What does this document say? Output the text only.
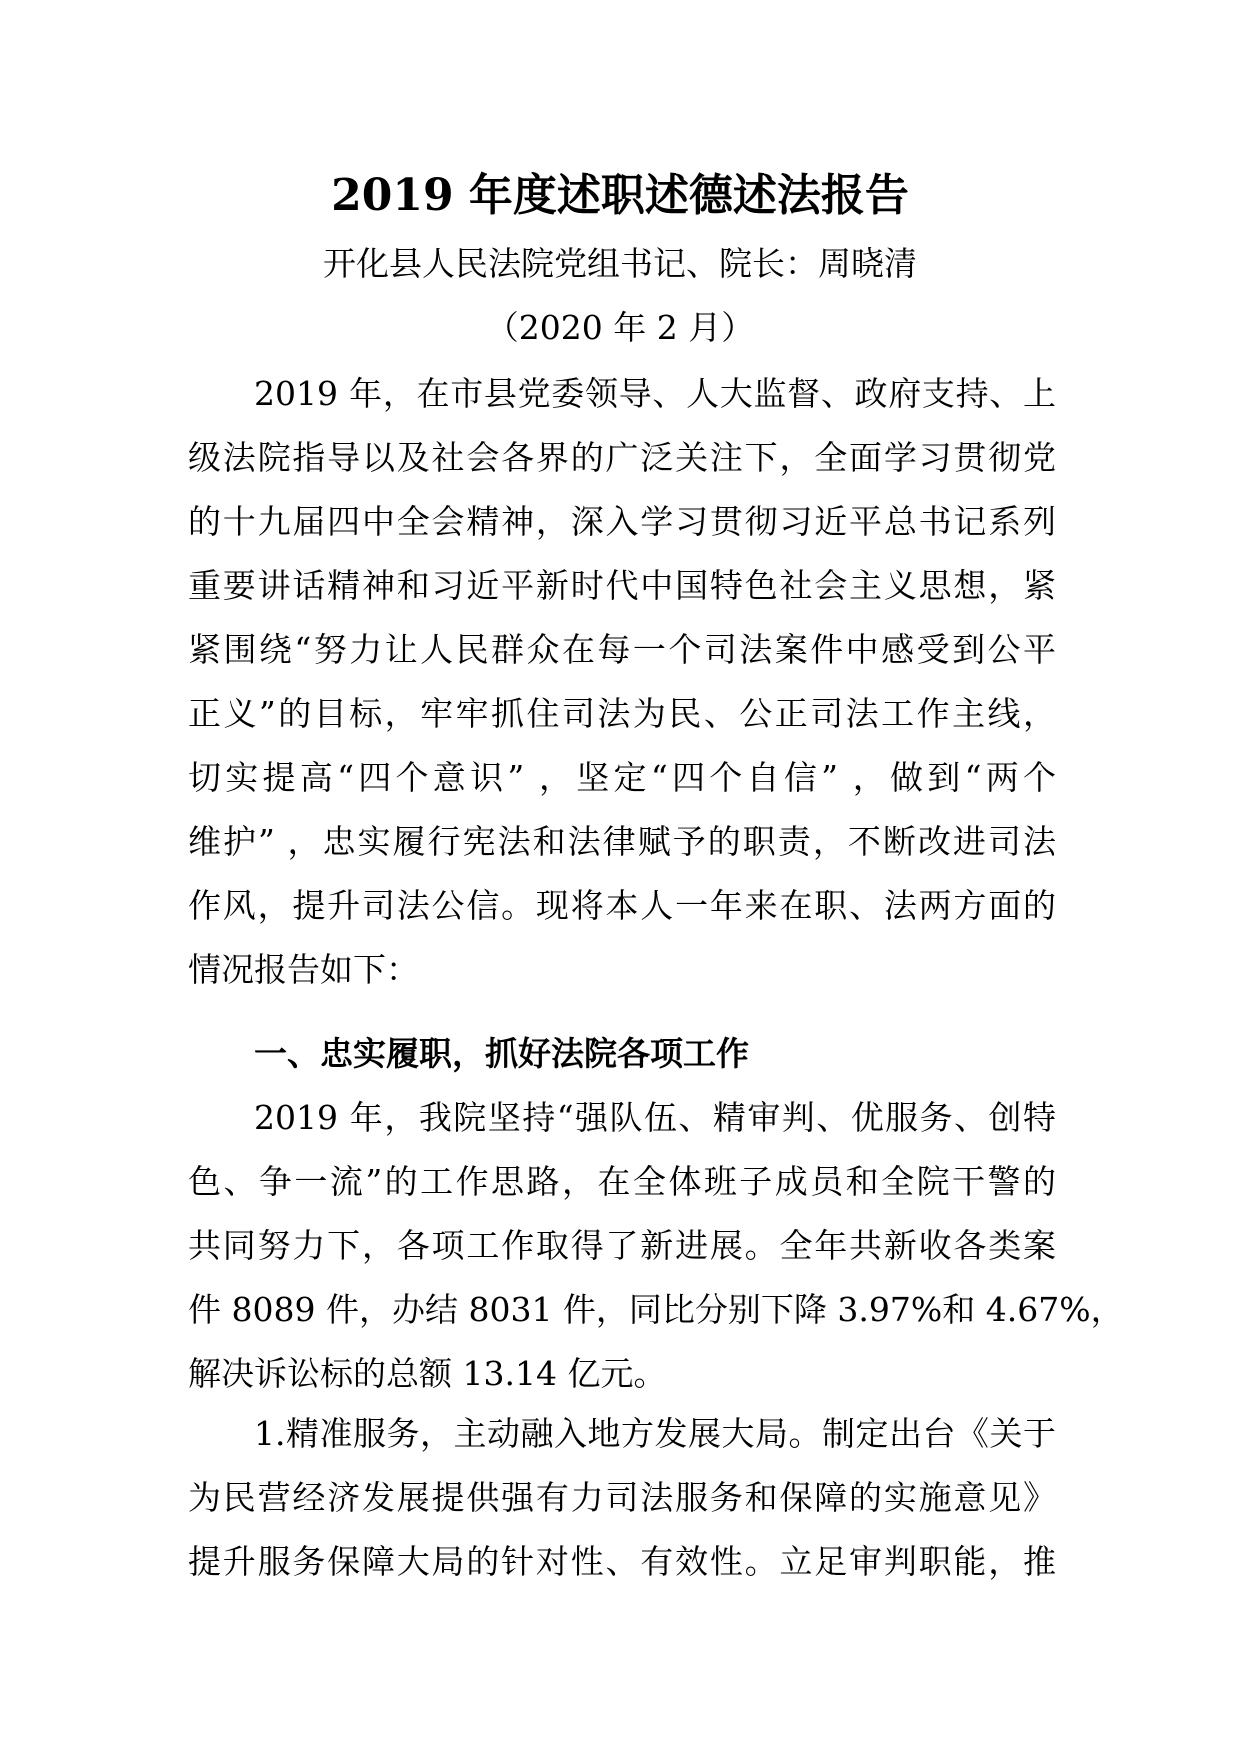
2019 年度述职述德述法报告
开化县人民法院党组书记、院长：周晓清
（2020 年 2 月）
2019 年，在市县党委领导、人大监督、政府支持、上
级法院指导以及社会各界的广泛关注下，全面学习贯彻党
的十九届四中全会精神，深入学习贯彻习近平总书记系列
重要讲话精神和习近平新时代中国特色社会主义思想，紧
紧围绕“努力让人民群众在每一个司法案件中感受到公平
正义”的目标，牢牢抓住司法为民、公正司法工作主线，
切实提高“四个意识” ，坚定“四个自信” ，做到“两个
维护” ，忠实履行宪法和法律赋予的职责，不断改进司法
作风，提升司法公信。现将本人一年来在职、法两方面的
情况报告如下：
一、忠实履职，抓好法院各项工作
2019 年，我院坚持“强队伍、精审判、优服务、创特
色、争一流”的工作思路，在全体班子成员和全院干警的
共同努力下，各项工作取得了新进展。全年共新收各类案
件 8089 件，办结 8031 件，同比分别下降 3.97%和 4.67%，
解决诉讼标的总额 13.14 亿元。
1.精准服务，主动融入地方发展大局。制定出台《关于
为民营经济发展提供强有力司法服务和保障的实施意见》
提升服务保障大局的针对性、有效性。立足审判职能，推
